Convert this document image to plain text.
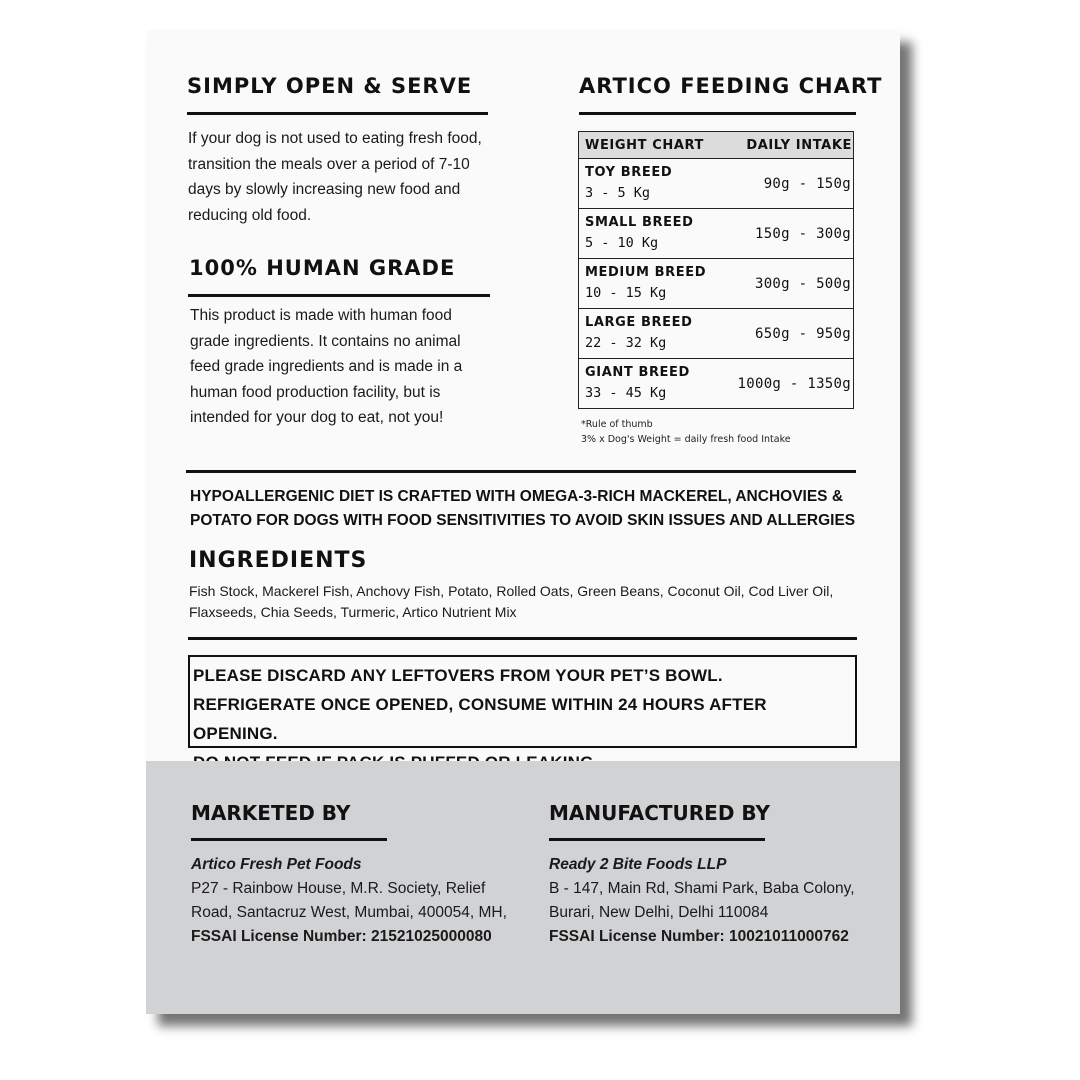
SIMPLY OPEN & SERVE
If your dog is not used to eating fresh food, transition the meals over a period of 7-10 days by slowly increasing new food and reducing old food.
100% HUMAN GRADE
This product is made with human food grade ingredients. It contains no animal feed grade ingredients and is made in a human food production facility, but is intended for your dog to eat, not you!
ARTICO FEEDING CHART
WEIGHT CHART	DAILY INTAKE
TOY BREED
3 - 5 Kg
90g - 150g
SMALL BREED
5 - 10 Kg
150g - 300g
MEDIUM BREED
10 - 15 Kg
300g - 500g
LARGE BREED
22 - 32 Kg
650g - 950g
GIANT BREED
33 - 45 Kg
1000g - 1350g
*Rule of thumb
3% x Dog's Weight = daily fresh food Intake
HYPOALLERGENIC DIET IS CRAFTED WITH OMEGA-3-RICH MACKEREL, ANCHOVIES &
POTATO FOR DOGS WITH FOOD SENSITIVITIES TO AVOID SKIN ISSUES AND ALLERGIES
INGREDIENTS
Fish Stock, Mackerel Fish, Anchovy Fish, Potato, Rolled Oats, Green Beans, Coconut Oil, Cod Liver Oil,
Flaxseeds, Chia Seeds, Turmeric, Artico Nutrient Mix
PLEASE DISCARD ANY LEFTOVERS FROM YOUR PET’S BOWL.
REFRIGERATE ONCE OPENED, CONSUME WITHIN 24 HOURS AFTER OPENING.
MARKETED BY
Artico Fresh Pet Foods
P27 - Rainbow House, M.R. Society, Relief
Road, Santacruz West, Mumbai, 400054, MH,
FSSAI License Number: 21521025000080
MANUFACTURED BY
Ready 2 Bite Foods LLP
B - 147, Main Rd, Shami Park, Baba Colony,
Burari, New Delhi, Delhi 110084
FSSAI License Number: 10021011000762
